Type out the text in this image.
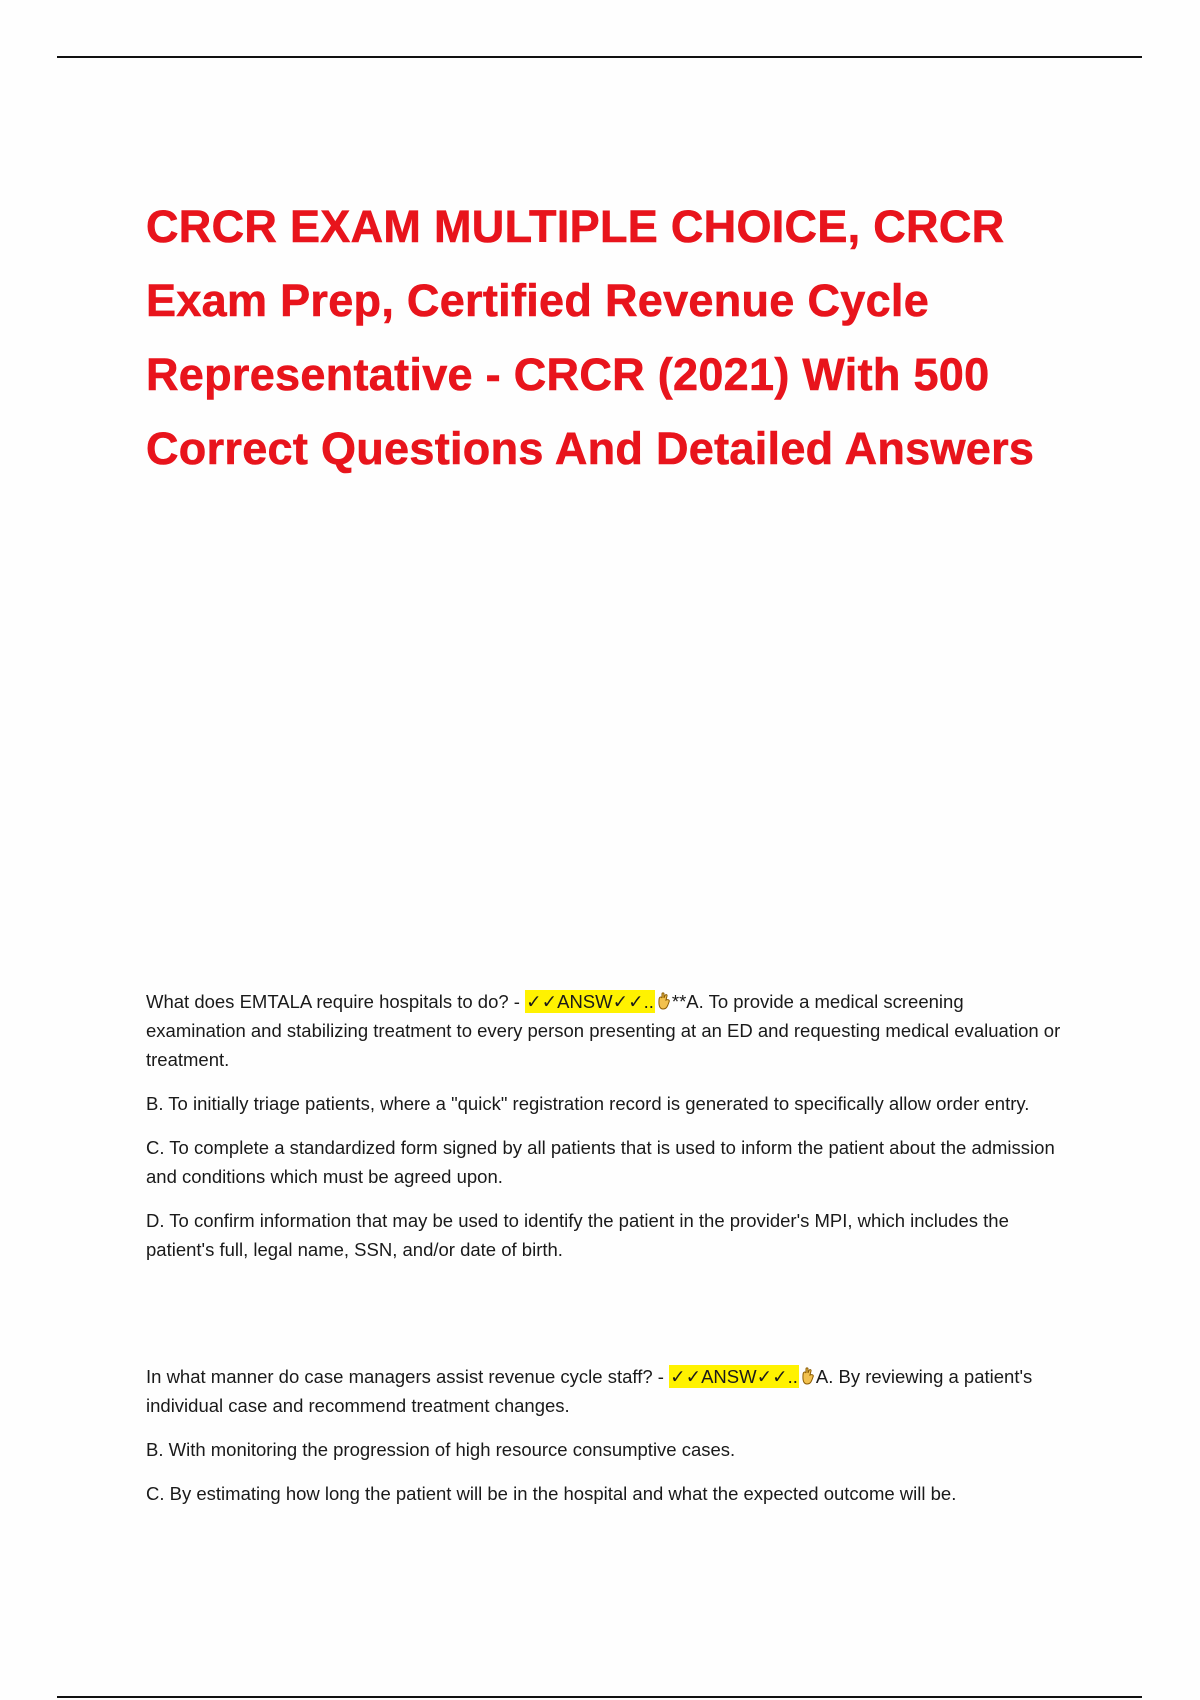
CRCR EXAM MULTIPLE CHOICE, CRCR Exam Prep, Certified Revenue Cycle Representative - CRCR (2021) With 500 Correct Questions And Detailed Answers

What does EMTALA require hospitals to do? - ✓✓ANSW✓✓.. **A. To provide a medical screening examination and stabilizing treatment to every person presenting at an ED and requesting medical evaluation or treatment.

B. To initially triage patients, where a "quick" registration record is generated to specifically allow order entry.

C. To complete a standardized form signed by all patients that is used to inform the patient about the admission and conditions which must be agreed upon.

D. To confirm information that may be used to identify the patient in the provider's MPI, which includes the patient's full, legal name, SSN, and/or date of birth.

In what manner do case managers assist revenue cycle staff? - ✓✓ANSW✓✓.. A. By reviewing a patient's individual case and recommend treatment changes.

B. With monitoring the progression of high resource consumptive cases.

C. By estimating how long the patient will be in the hospital and what the expected outcome will be.
